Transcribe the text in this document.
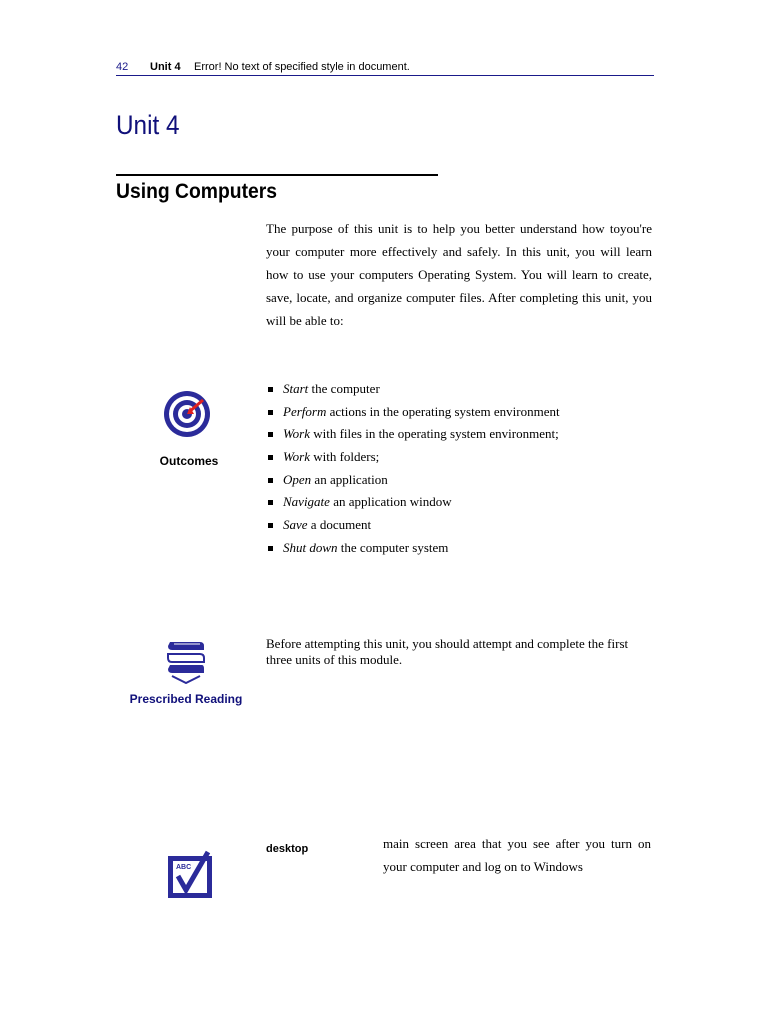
42 Unit 4 Error! No text of specified style in document.
Unit 4
Using Computers

The purpose of this unit is to help you better understand how toyou're your computer more effectively and safely. In this unit, you will learn how to use your computers Operating System. You will learn to create, save, locate, and organize computer files. After completing this unit, you will be able to:

Outcomes
Start the computer
Perform actions in the operating system environment
Work with files in the operating system environment;
Work with folders;
Open an application
Navigate an application window
Save a document
Shut down the computer system
Prescribed Reading

Before attempting this unit, you should attempt and complete the first three units of this module.

ABC
desktop	main screen area that you see after you turn on your computer and log on to Windows
